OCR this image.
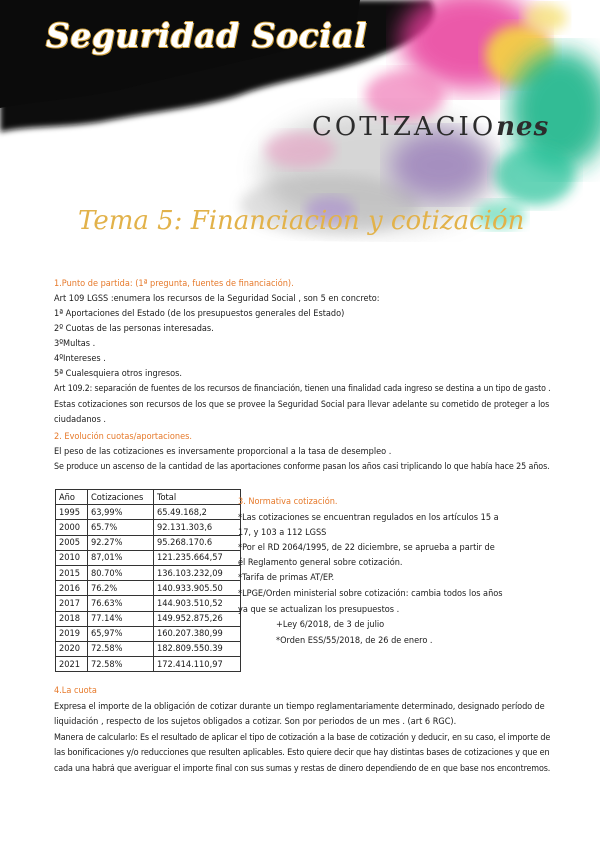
Seguridad Social
COTIZACIOnes
Tema 5: Financiacion y cotización
1.Punto de partida: (1ª pregunta, fuentes de financiación).
Art 109 LGSS :enumera los recursos de la Seguridad Social , son 5 en concreto:
1ª Aportaciones del Estado (de los presupuestos generales del Estado)
2º Cuotas de las personas interesadas.
3ºMultas .
4ºIntereses .
5ª Cualesquiera otros ingresos.
Art 109.2: separación de fuentes de los recursos de financiación, tienen una finalidad cada ingreso se destina a un tipo de gasto .
Estas cotizaciones son recursos de los que se provee la Seguridad Social para llevar adelante su cometido de proteger a los
ciudadanos .
2. Evolución cuotas/aportaciones.
El peso de las cotizaciones es inversamente proporcional a la tasa de desempleo .
Se produce un ascenso de la cantidad de las aportaciones conforme pasan los años casi triplicando lo que había hace 25 años.
Año	Cotizaciones	Total
1995	63,99%	65.49.168,2
2000	65.7%	92.131.303,6
2005	92.27%	95.268.170.6
2010	87,01%	121.235.664,57
2015	80.70%	136.103.232,09
2016	76.2%	140.933.905.50
2017	76.63%	144.903.510,52
2018	77.14%	149.952.875,26
2019	65,97%	160.207.380,99
2020	72.58%	182.809.550.39
2021	72.58%	172.414.110,97
3. Normativa cotización.
*Las cotizaciones se encuentran regulados en los artículos 15 a
17, y 103 a 112 LGSS
*Por el RD 2064/1995, de 22 diciembre, se aprueba a partir de
él Reglamento general sobre cotización.
*Tarifa de primas AT/EP.
*LPGE/Orden ministerial sobre cotización: cambia todos los años
ya que se actualizan los presupuestos .
+Ley 6/2018, de 3 de julio
*Orden ESS/55/2018, de 26 de enero .
4.La cuota
Expresa el importe de la obligación de cotizar durante un tiempo reglamentariamente determinado, designado período de
liquidación , respecto de los sujetos obligados a cotizar. Son por periodos de un mes . (art 6 RGC).
Manera de calcularlo: Es el resultado de aplicar el tipo de cotización a la base de cotización y deducir, en su caso, el importe de
las bonificaciones y/o reducciones que resulten aplicables. Esto quiere decir que hay distintas bases de cotizaciones y que en
cada una habrá que averiguar el importe final con sus sumas y restas de dinero dependiendo de en que base nos encontremos.
